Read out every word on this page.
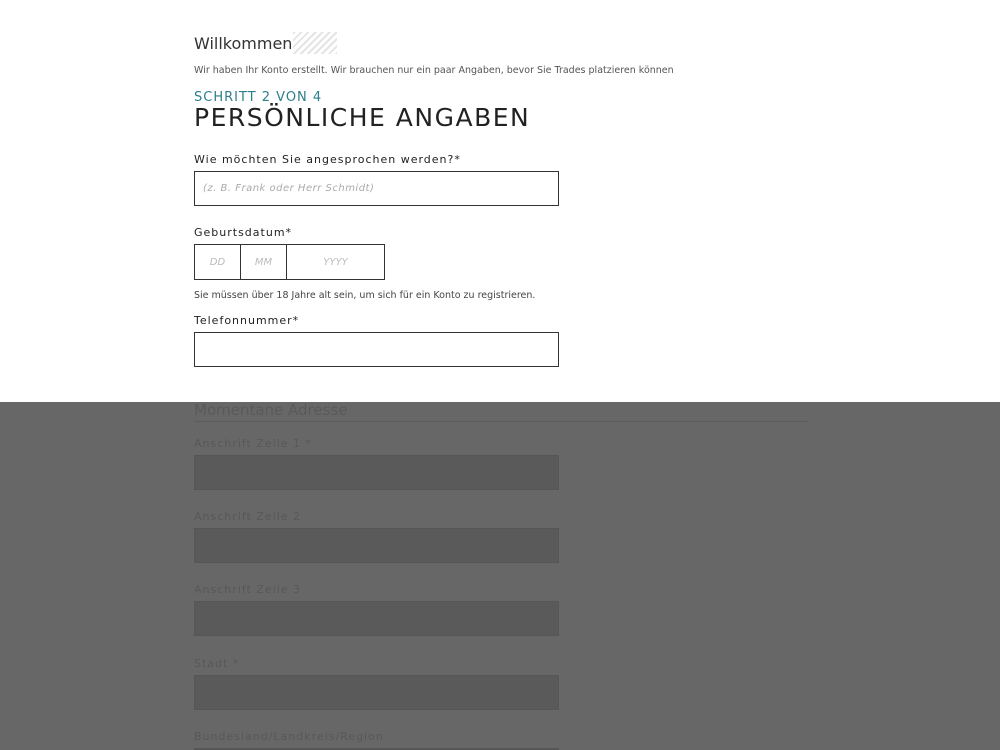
Willkommen
Wir haben Ihr Konto erstellt. Wir brauchen nur ein paar Angaben, bevor Sie Trades platzieren können
SCHRITT 2 VON 4
PERSÖNLICHE ANGABEN
Wie möchten Sie angesprochen werden?*
(z. B. Frank oder Herr Schmidt)
Geburtsdatum*
DD
MM
YYYY
Sie müssen über 18 Jahre alt sein, um sich für ein Konto zu registrieren.
Telefonnummer*
